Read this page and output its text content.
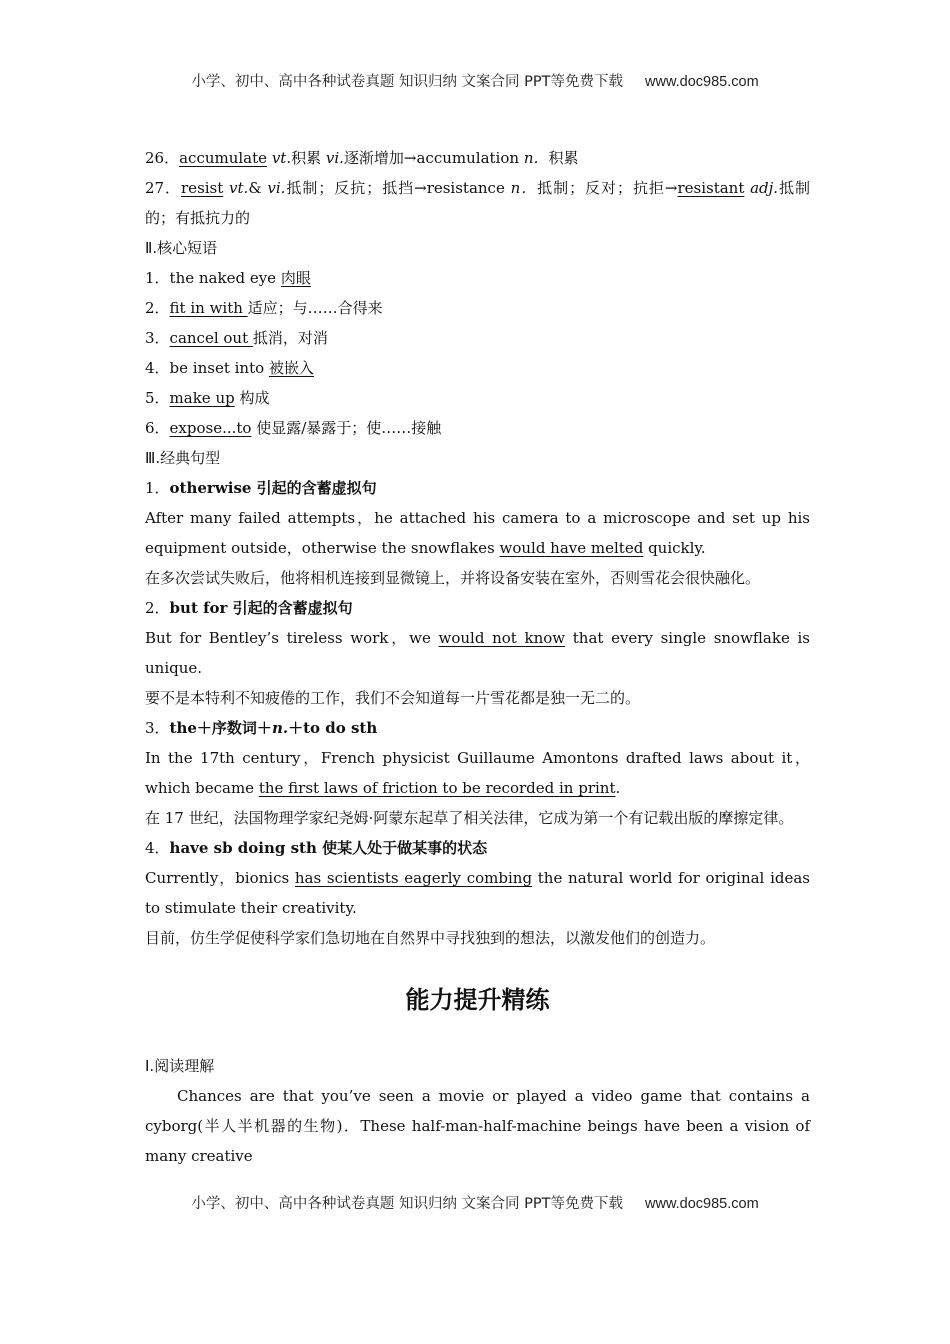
小学、初中、高中各种试卷真题 知识归纳 文案合同 PPT等免费下载 www.doc985.com
26．accumulate vt.积累 vi.逐渐增加→accumulation n．积累
27．resist vt.& vi.抵制；反抗；抵挡→resistance n．抵制；反对；抗拒→resistant adj.抵制的；有抵抗力的
Ⅱ.核心短语
1．the naked eye 肉眼
2．fit in with 适应；与……合得来
3．cancel out 抵消，对消
4．be inset into 被嵌入
5．make up 构成
6．expose...to 使显露/暴露于；使……接触
Ⅲ.经典句型
1．otherwise 引起的含蓄虚拟句
After many failed attempts，he attached his camera to a microscope and set up his equipment outside，otherwise the snowflakes would have melted quickly.
在多次尝试失败后，他将相机连接到显微镜上，并将设备安装在室外，否则雪花会很快融化。
2．but for 引起的含蓄虚拟句
But for Bentley’s tireless work，we would not know that every single snowflake is unique.
要不是本特利不知疲倦的工作，我们不会知道每一片雪花都是独一无二的。
3．the＋序数词＋n.＋to do sth
In the 17th century，French physicist Guillaume Amontons drafted laws about it，which became the first laws of friction to be recorded in print.
在 17 世纪，法国物理学家纪尧姆·阿蒙东起草了相关法律，它成为第一个有记载出版的摩擦定律。
4．have sb doing sth 使某人处于做某事的状态
Currently，bionics has scientists eagerly combing the natural world for original ideas to stimulate their creativity.
目前，仿生学促使科学家们急切地在自然界中寻找独到的想法，以激发他们的创造力。
能力提升精练
Ⅰ.阅读理解
Chances are that you’ve seen a movie or played a video game that contains a cyborg(半人半机器的生物)．These half-man-half-machine beings have been a vision of many creative
小学、初中、高中各种试卷真题 知识归纳 文案合同 PPT等免费下载 www.doc985.com
